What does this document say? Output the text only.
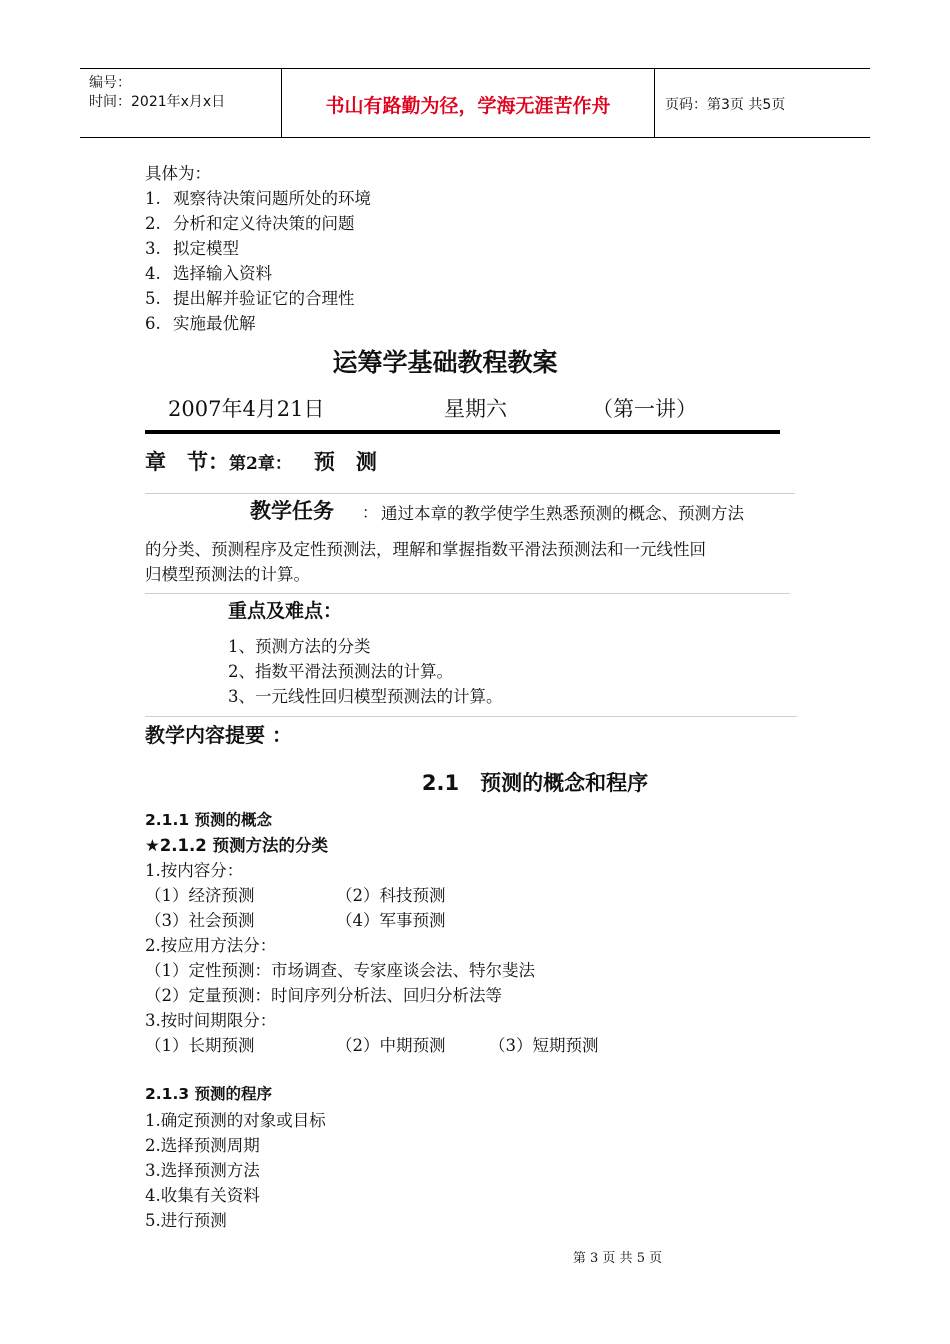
编号：
时间：2021年x月x日	书山有路勤为径，学海无涯苦作舟	页码：第3页 共5页
具体为：
1. 观察待决策问题所处的环境
2. 分析和定义待决策的问题
3. 拟定模型
4. 选择输入资料
5. 提出解并验证它的合理性
6. 实施最优解
运筹学基础教程教案
2007年4月21日	星期六	（第一讲）
章　节：第2章： 预　测
教学任务 ： 通过本章的教学使学生熟悉预测的概念、预测方法
的分类、预测程序及定性预测法，理解和掌握指数平滑法预测法和一元线性回
归模型预测法的计算。
重点及难点：
1、预测方法的分类
2、指数平滑法预测法的计算。
3、一元线性回归模型预测法的计算。
教学内容提要 ：
2.1　预测的概念和程序
2.1.1 预测的概念
★2.1.2 预测方法的分类
1.按内容分：
（1）经济预测	（2）科技预测
（3）社会预测	（4）军事预测
2.按应用方法分：
（1）定性预测：市场调查、专家座谈会法、特尔斐法
（2）定量预测：时间序列分析法、回归分析法等
3.按时间期限分：
（1）长期预测	（2）中期预测	（3）短期预测
2.1.3 预测的程序
1.确定预测的对象或目标
2.选择预测周期
3.选择预测方法
4.收集有关资料
5.进行预测
第 3 页 共 5 页
